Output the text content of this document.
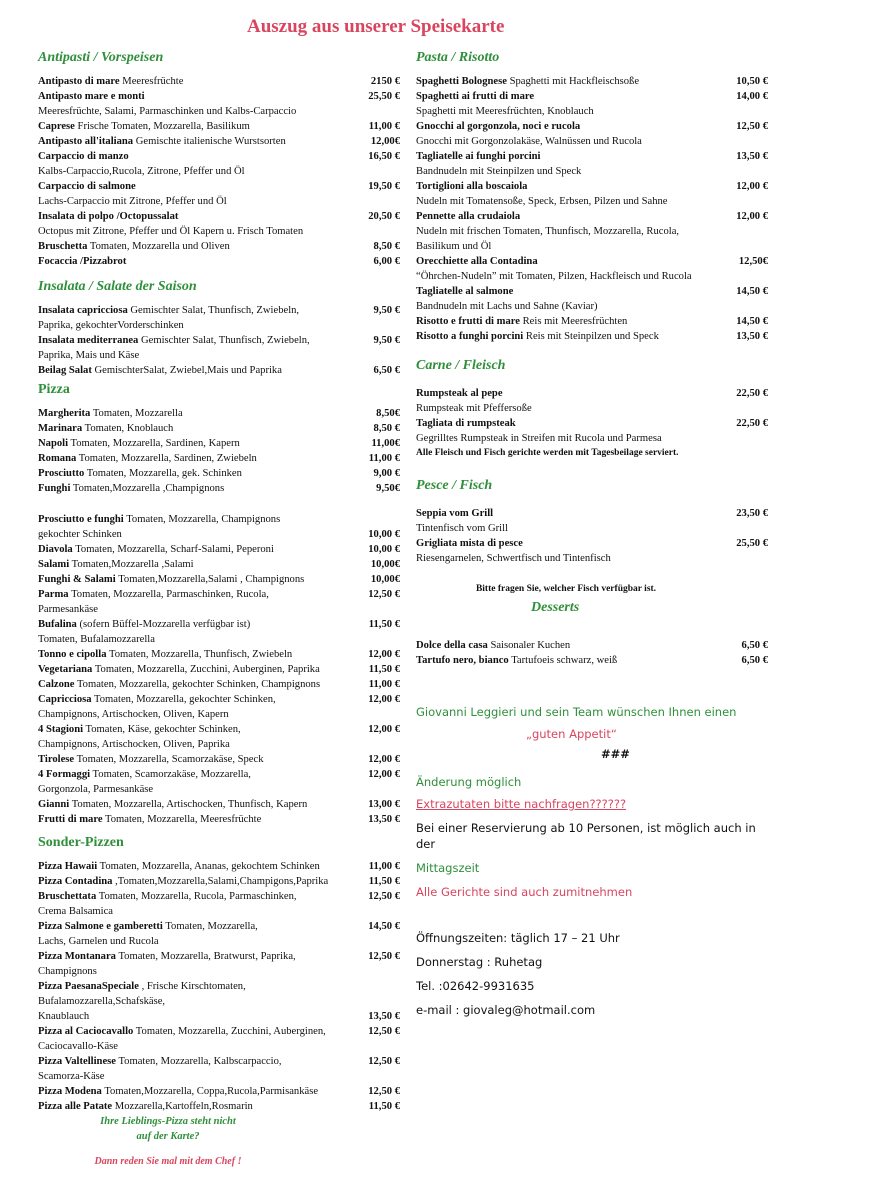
Auszug aus unserer Speisekarte
Antipasti / Vorspeisen
Antipasto di mare Meeresfrüchte	2150 €
Antipasto mare e monti	25,50 €
Meeresfrüchte, Salami, Parmaschinken und Kalbs-Carpaccio
Caprese Frische Tomaten, Mozzarella, Basilikum	11,00 €
Antipasto all'italiana Gemischte italienische Wurstsorten	12,00€
Carpaccio di manzo	16,50 €
Kalbs-Carpaccio,Rucola, Zitrone, Pfeffer und Öl
Carpaccio di salmone	19,50 €
Lachs-Carpaccio mit Zitrone, Pfeffer und Öl
Insalata di polpo /Octopussalat	20,50 €
Octopus mit Zitrone, Pfeffer und Öl Kapern u. Frisch Tomaten
Bruschetta Tomaten, Mozzarella und Oliven	8,50 €
Focaccia /Pizzabrot	6,00 €
Insalata / Salate der Saison
Insalata capricciosa Gemischter Salat, Thunfisch, Zwiebeln,	9,50 €
Paprika, gekochterVorderschinken
Insalata mediterranea Gemischter Salat, Thunfisch, Zwiebeln,	9,50 €
Paprika, Mais und Käse
Beilag Salat GemischterSalat, Zwiebel,Mais und Paprika	6,50 €
Pizza
Margherita Tomaten, Mozzarella	8,50€
Marinara Tomaten, Knoblauch	8,50 €
Napoli Tomaten, Mozzarella, Sardinen, Kapern	11,00€
Romana Tomaten, Mozzarella, Sardinen, Zwiebeln	11,00 €
Prosciutto Tomaten, Mozzarella, gek. Schinken	9,00 €
Funghi Tomaten,Mozzarella ,Champignons	9,50€
Prosciutto e funghi Tomaten, Mozzarella, Champignons
gekochter Schinken	10,00 €
Diavola Tomaten, Mozzarella, Scharf-Salami, Peperoni	10,00 €
Salami Tomaten,Mozzarella ,Salami	10,00€
Funghi & Salami Tomaten,Mozzarella,Salami , Champignons	10,00€
Parma Tomaten, Mozzarella, Parmaschinken, Rucola,	12,50 €
Parmesankäse
Bufalina (sofern Büffel-Mozzarella verfügbar ist)	11,50 €
Tomaten, Bufalamozzarella
Tonno e cipolla Tomaten, Mozzarella, Thunfisch, Zwiebeln	12,00 €
Vegetariana Tomaten, Mozzarella, Zucchini, Auberginen, Paprika	11,50 €
Calzone Tomaten, Mozzarella, gekochter Schinken, Champignons	11,00 €
Capricciosa Tomaten, Mozzarella, gekochter Schinken,	12,00 €
Champignons, Artischocken, Oliven, Kapern
4 Stagioni Tomaten, Käse, gekochter Schinken,	12,00 €
Champignons, Artischocken, Oliven, Paprika
Tirolese Tomaten, Mozzarella, Scamorzakäse, Speck	12,00 €
4 Formaggi Tomaten, Scamorzakäse, Mozzarella,	12,00 €
Gorgonzola, Parmesankäse
Gianni Tomaten, Mozzarella, Artischocken, Thunfisch, Kapern	13,00 €
Frutti di mare Tomaten, Mozzarella, Meeresfrüchte	13,50 €
Sonder-Pizzen
Pizza Hawaii Tomaten, Mozzarella, Ananas, gekochtem Schinken	11,00 €
Pizza Contadina ,Tomaten,Mozzarella,Salami,Champigons,Paprika	11,50 €
Bruschettata Tomaten, Mozzarella, Rucola, Parmaschinken,	12,50 €
Crema Balsamica
Pizza Salmone e gamberetti Tomaten, Mozzarella,	14,50 €
Lachs, Garnelen und Rucola
Pizza Montanara Tomaten, Mozzarella, Bratwurst, Paprika,	12,50 €
Champignons
Pizza PaesanaSpeciale , Frische Kirschtomaten, Bufalamozzarella,Schafskäse,
Knaublauch	13,50 €
Pizza al Caciocavallo Tomaten, Mozzarella, Zucchini, Auberginen,	12,50 €
Caciocavallo-Käse
Pizza Valtellinese Tomaten, Mozzarella, Kalbscarpaccio,	12,50 €
Scamorza-Käse
Pizza Modena Tomaten,Mozzarella, Coppa,Rucola,Parmisankäse	12,50 €
Pizza alle Patate Mozzarella,Kartoffeln,Rosmarin	11,50 €
Ihre Lieblings-Pizza steht nicht
auf der Karte?
Dann reden Sie mal mit dem Chef !
Pasta / Risotto
Spaghetti Bolognese Spaghetti mit Hackfleischsoße	10,50 €
Spaghetti ai frutti di mare	14,00 €
Spaghetti mit Meeresfrüchten, Knoblauch
Gnocchi al gorgonzola, noci e rucola	12,50 €
Gnocchi mit Gorgonzolakäse, Walnüssen und Rucola
Tagliatelle ai funghi porcini	13,50 €
Bandnudeln mit Steinpilzen und Speck
Tortiglioni alla boscaiola	12,00 €
Nudeln mit Tomatensoße, Speck, Erbsen, Pilzen und Sahne
Pennette alla crudaiola	12,00 €
Nudeln mit frischen Tomaten, Thunfisch, Mozzarella, Rucola,
Basilikum und Öl
Orecchiette alla Contadina	12,50€
“Öhrchen-Nudeln” mit Tomaten, Pilzen, Hackfleisch und Rucola
Tagliatelle al salmone	14,50 €
Bandnudeln mit Lachs und Sahne (Kaviar)
Risotto e frutti di mare Reis mit Meeresfrüchten	14,50 €
Risotto a funghi porcini Reis mit Steinpilzen und Speck	13,50 €
Carne / Fleisch
Rumpsteak al pepe	22,50 €
Rumpsteak mit Pfeffersoße
Tagliata di rumpsteak	22,50 €
Gegrilltes Rumpsteak in Streifen mit Rucola und Parmesa
Alle Fleisch und Fisch gerichte werden mit Tagesbeilage serviert.
Pesce / Fisch
Seppia vom Grill	23,50 €
Tintenfisch vom Grill
Grigliata mista di pesce	25,50 €
Riesengarnelen, Schwertfisch und Tintenfisch
Bitte fragen Sie, welcher Fisch verfügbar ist.
Desserts
Dolce della casa Saisonaler Kuchen	6,50 €
Tartufo nero, bianco Tartufoeis schwarz, weiß	6,50 €
Giovanni Leggieri und sein Team wünschen Ihnen einen
„guten Appetit“
###
Änderung möglich
Extrazutaten bitte nachfragen??????
Bei einer Reservierung ab 10 Personen, ist möglich auch in der
Mittagszeit
Alle Gerichte sind auch zumitnehmen
Öffnungszeiten: täglich 17 – 21 Uhr
Donnerstag : Ruhetag
Tel. :02642-9931635
e-mail : giovaleg@hotmail.com
